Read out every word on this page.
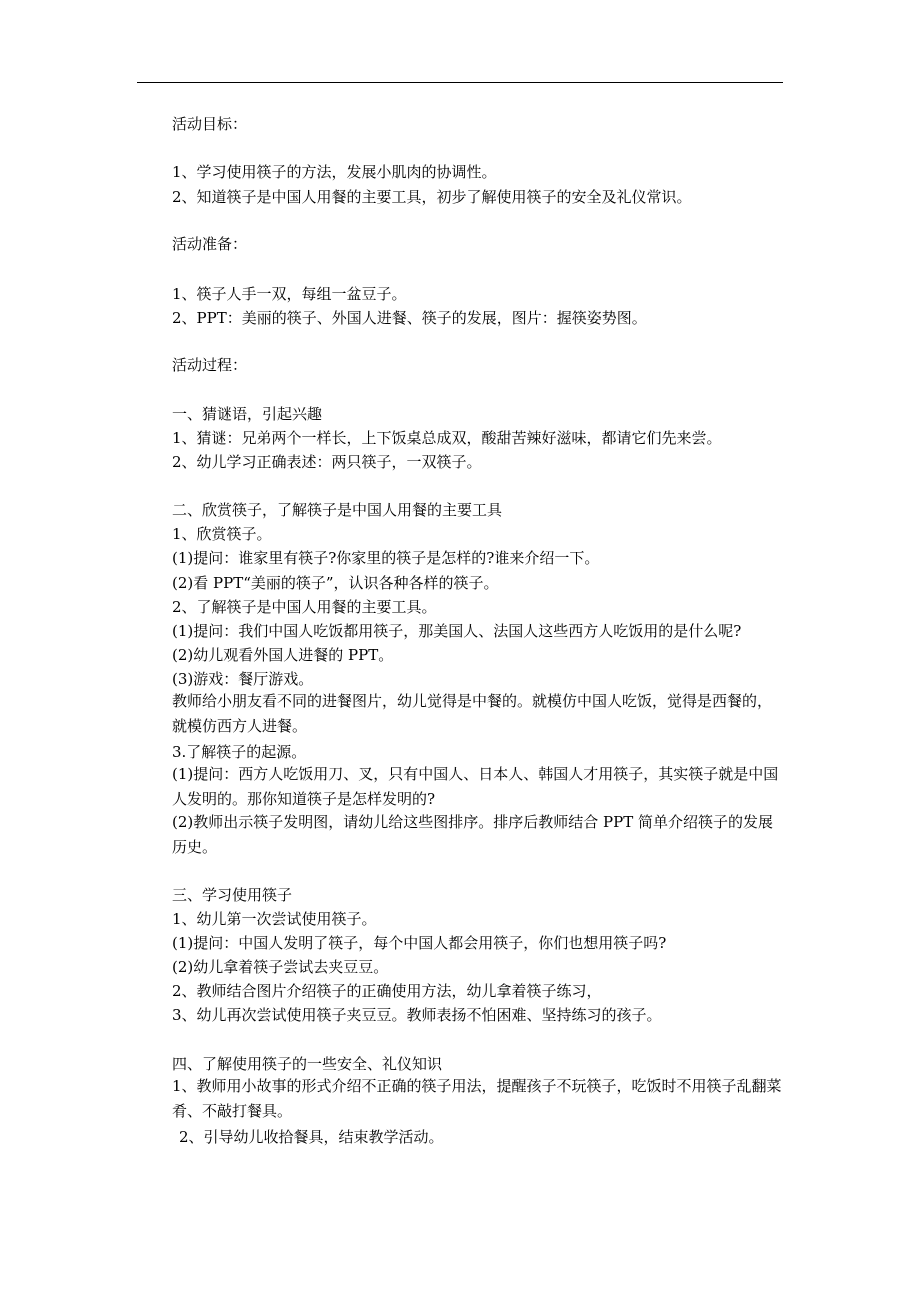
活动目标：
1、学习使用筷子的方法，发展小肌肉的协调性。
2、知道筷子是中国人用餐的主要工具，初步了解使用筷子的安全及礼仪常识。
活动准备：
1、筷子人手一双，每组一盆豆子。
2、PPT：美丽的筷子、外国人进餐、筷子的发展，图片：握筷姿势图。
活动过程：
一、猜谜语，引起兴趣
1、猜谜：兄弟两个一样长，上下饭桌总成双，酸甜苦辣好滋味，都请它们先来尝。
2、幼儿学习正确表述：两只筷子，一双筷子。
二、欣赏筷子，了解筷子是中国人用餐的主要工具
1、欣赏筷子。
(1)提问：谁家里有筷子?你家里的筷子是怎样的?谁来介绍一下。
(2)看 PPT“美丽的筷子”，认识各种各样的筷子。
2、了解筷子是中国人用餐的主要工具。
(1)提问：我们中国人吃饭都用筷子，那美国人、法国人这些西方人吃饭用的是什么呢?
(2)幼儿观看外国人进餐的 PPT。
(3)游戏：餐厅游戏。
教师给小朋友看不同的进餐图片，幼儿觉得是中餐的。就模仿中国人吃饭，觉得是西餐的，就模仿西方人进餐。
3.了解筷子的起源。
(1)提问：西方人吃饭用刀、叉，只有中国人、日本人、韩国人才用筷子，其实筷子就是中国人发明的。那你知道筷子是怎样发明的?
(2)教师出示筷子发明图，请幼儿给这些图排序。排序后教师结合 PPT 简单介绍筷子的发展历史。
三、学习使用筷子
1、幼儿第一次尝试使用筷子。
(1)提问：中国人发明了筷子，每个中国人都会用筷子，你们也想用筷子吗?
(2)幼儿拿着筷子尝试去夹豆豆。
2、教师结合图片介绍筷子的正确使用方法，幼儿拿着筷子练习，
3、幼儿再次尝试使用筷子夹豆豆。教师表扬不怕困难、坚持练习的孩子。
四、了解使用筷子的一些安全、礼仪知识
1、教师用小故事的形式介绍不正确的筷子用法，提醒孩子不玩筷子，吃饭时不用筷子乱翻菜肴、不敲打餐具。
2、引导幼儿收拾餐具，结束教学活动。
